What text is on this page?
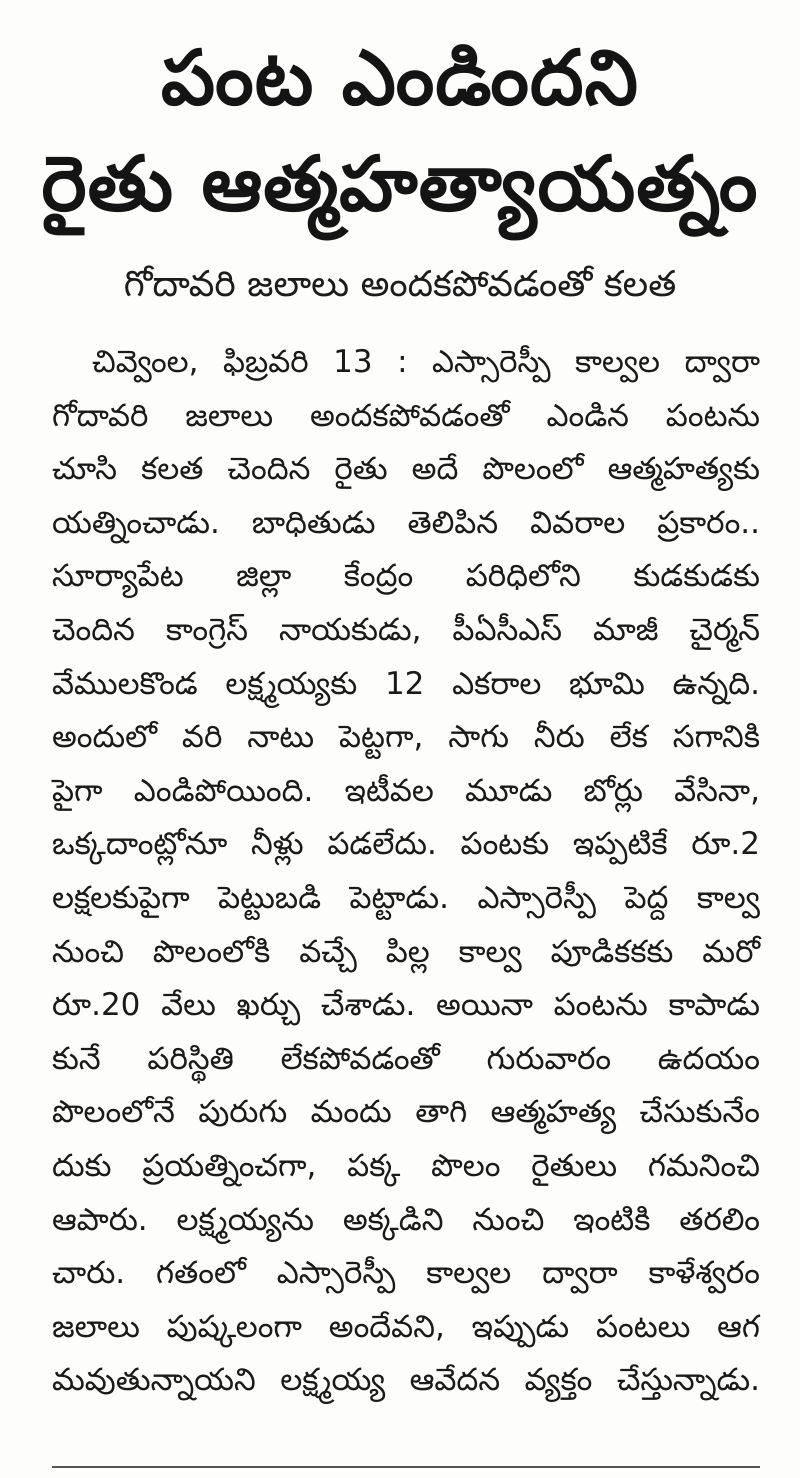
పంట ఎండిందని
రైతు ఆత్మహత్యాయత్నం
గోదావరి జలాలు అందకపోవడంతో కలత
చివ్వెంల, ఫిబ్రవరి 13 : ఎస్సారెస్పీ కాల్వల ద్వారా
గోదావరి జలాలు అందకపోవడంతో ఎండిన పంటను
చూసి కలత చెందిన రైతు అదే పొలంలో ఆత్మహత్యకు
యత్నించాడు. బాధితుడు తెలిపిన వివరాల ప్రకారం..
సూర్యాపేట జిల్లా కేంద్రం పరిధిలోని కుడకుడకు
చెందిన కాంగ్రెస్ నాయకుడు, పీఏసీఎస్ మాజీ చైర్మన్
వేములకొండ లక్ష్మయ్యకు 12 ఎకరాల భూమి ఉన్నది.
అందులో వరి నాటు పెట్టగా, సాగు నీరు లేక సగానికి
పైగా ఎండిపోయింది. ఇటీవల మూడు బోర్లు వేసినా,
ఒక్కదాంట్లోనూ నీళ్లు పడలేదు. పంటకు ఇప్పటికే రూ.2
లక్షలకుపైగా పెట్టుబడి పెట్టాడు. ఎస్సారెస్పీ పెద్ద కాల్వ
నుంచి పొలంలోకి వచ్చే పిల్ల కాల్వ పూడికకకు మరో
రూ.20 వేలు ఖర్చు చేశాడు. అయినా పంటను కాపాడు
కునే పరిస్థితి లేకపోవడంతో గురువారం ఉదయం
పొలంలోనే పురుగు మందు తాగి ఆత్మహత్య చేసుకునేం
దుకు ప్రయత్నించగా, పక్క పొలం రైతులు గమనించి
ఆపారు. లక్ష్మయ్యను అక్కడిని నుంచి ఇంటికి తరలిం
చారు. గతంలో ఎస్సారెస్పీ కాల్వల ద్వారా కాళేశ్వరం
జలాలు పుష్కలంగా అందేవని, ఇప్పుడు పంటలు ఆగ
మవుతున్నాయని లక్ష్మయ్య ఆవేదన వ్యక్తం చేస్తున్నాడు.
